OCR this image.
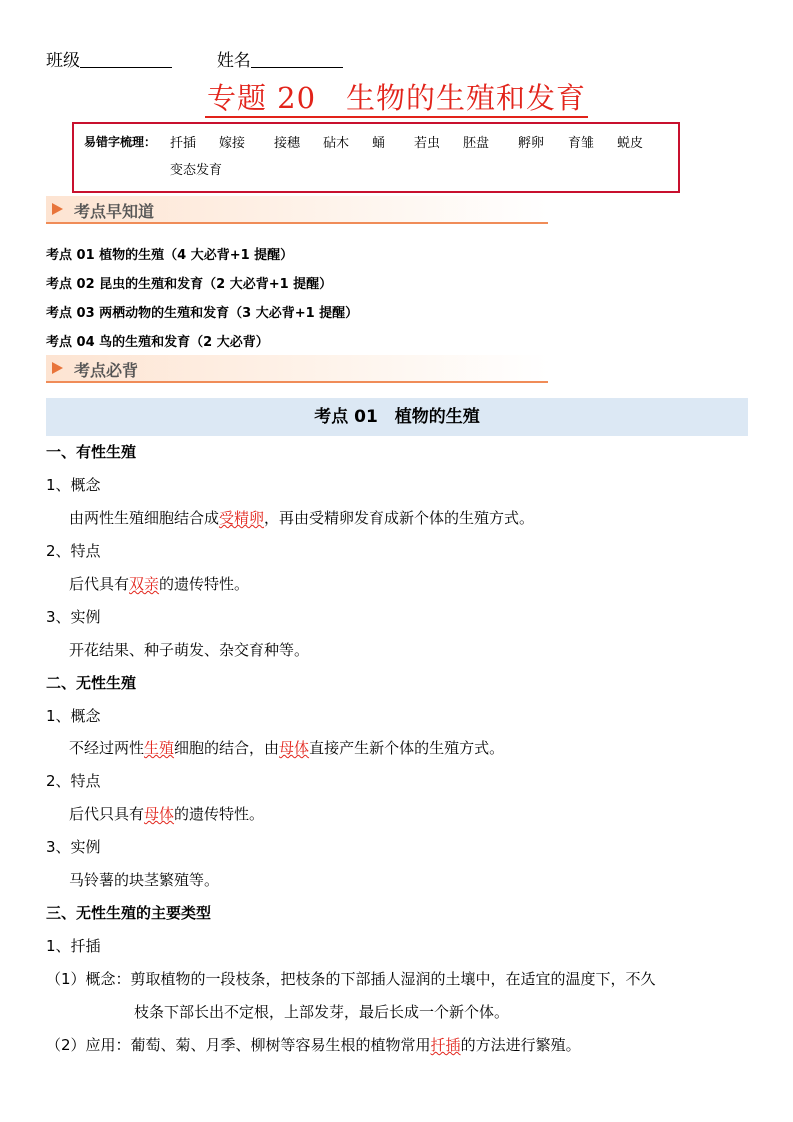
班级	姓名
专题 20　生物的生殖和发育
易错字梳理： 扦插 嫁接 接穗 砧木 蛹 若虫 胚盘 孵卵 育雏 蜕皮
变态发育
考点早知道
考点 01 植物的生殖（4 大必背+1 提醒）
考点 02 昆虫的生殖和发育（2 大必背+1 提醒）
考点 03 两栖动物的生殖和发育（3 大必背+1 提醒）
考点 04 鸟的生殖和发育（2 大必背）
考点必背
考点 01　植物的生殖
一、有性生殖
1、概念
由两性生殖细胞结合成受精卵，再由受精卵发育成新个体的生殖方式。
2、特点
后代具有双亲的遗传特性。
3、实例
开花结果、种子萌发、杂交育种等。
二、无性生殖
1、概念
不经过两性生殖细胞的结合，由母体直接产生新个体的生殖方式。
2、特点
后代只具有母体的遗传特性。
3、实例
马铃薯的块茎繁殖等。
三、无性生殖的主要类型
1、扦插
（1）概念：剪取植物的一段枝条，把枝条的下部插人湿润的土壤中，在适宜的温度下，不久
枝条下部长出不定根，上部发芽，最后长成一个新个体。
（2）应用：葡萄、菊、月季、柳树等容易生根的植物常用扦插的方法进行繁殖。
